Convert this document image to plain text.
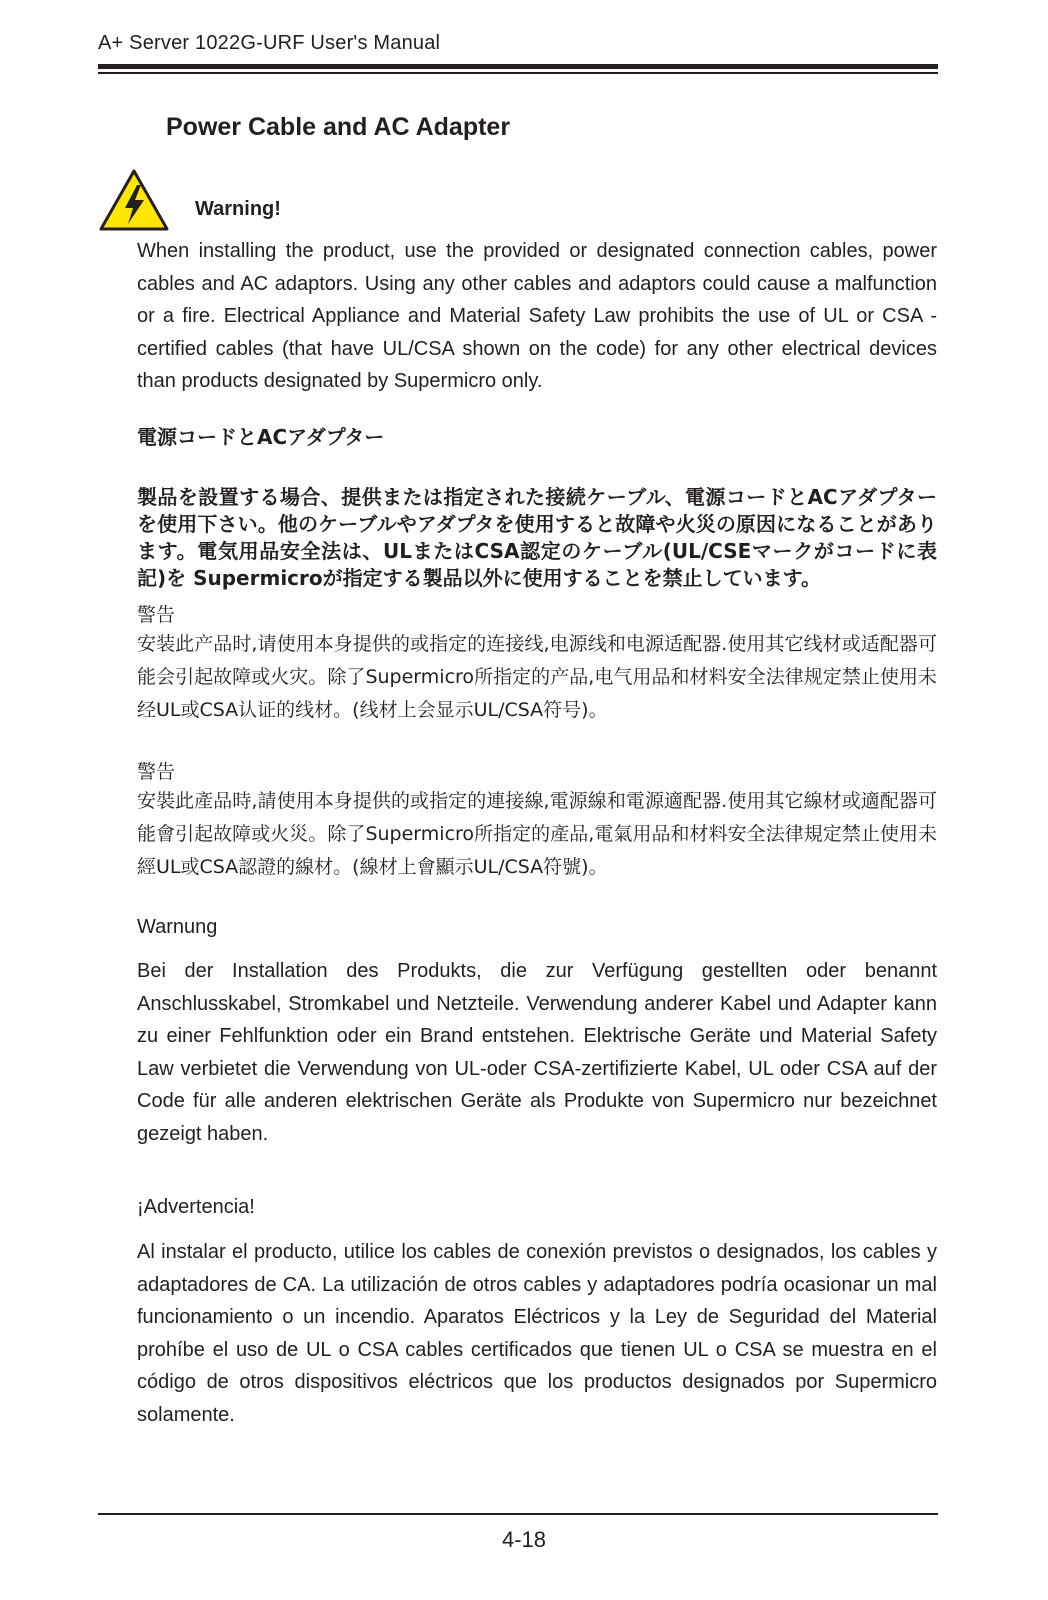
A+ Server 1022G-URF User's Manual
Power Cable and AC Adapter
Warning!
When installing the product, use the provided or designated connection cables, power cables and AC adaptors. Using any other cables and adaptors could cause a malfunction or a fire. Electrical Appliance and Material Safety Law prohibits the use of UL or CSA -certified cables (that have UL/CSA shown on the code) for any other electrical devices than products designated by Supermicro only.
電源コードとACアダプター
製品を設置する場合、提供または指定された接続ケーブル、電源コードとACアダプターを使用下さい。他のケーブルやアダプタを使用すると故障や火災の原因になることがあります。電気用品安全法は、ULまたはCSA認定のケーブル(UL/CSEマークがコードに表記)を Supermicroが指定する製品以外に使用することを禁止しています。
警告
安装此产品时,请使用本身提供的或指定的连接线,电源线和电源适配器.使用其它线材或适配器可能会引起故障或火灾。除了Supermicro所指定的产品,电气用品和材料安全法律规定禁止使用未经UL或CSA认证的线材。(线材上会显示UL/CSA符号)。
警告
安裝此產品時,請使用本身提供的或指定的連接線,電源線和電源適配器.使用其它線材或適配器可能會引起故障或火災。除了Supermicro所指定的產品,電氣用品和材料安全法律規定禁止使用未經UL或CSA認證的線材。(線材上會顯示UL/CSA符號)。
Warnung
Bei der Installation des Produkts, die zur Verfügung gestellten oder benannt Anschlusskabel, Stromkabel und Netzteile. Verwendung anderer Kabel und Adapter kann zu einer Fehlfunktion oder ein Brand entstehen. Elektrische Geräte und Material Safety Law verbietet die Verwendung von UL-oder CSA-zertifizierte Kabel, UL oder CSA auf der Code für alle anderen elektrischen Geräte als Produkte von Supermicro nur bezeichnet gezeigt haben.
¡Advertencia!
Al instalar el producto, utilice los cables de conexión previstos o designados, los cables y adaptadores de CA. La utilización de otros cables y adaptadores podría ocasionar un mal funcionamiento o un incendio. Aparatos Eléctricos y la Ley de Seguridad del Material prohíbe el uso de UL o CSA cables certificados que tienen UL o CSA se muestra en el código de otros dispositivos eléctricos que los productos designados por Supermicro solamente.
4-18
